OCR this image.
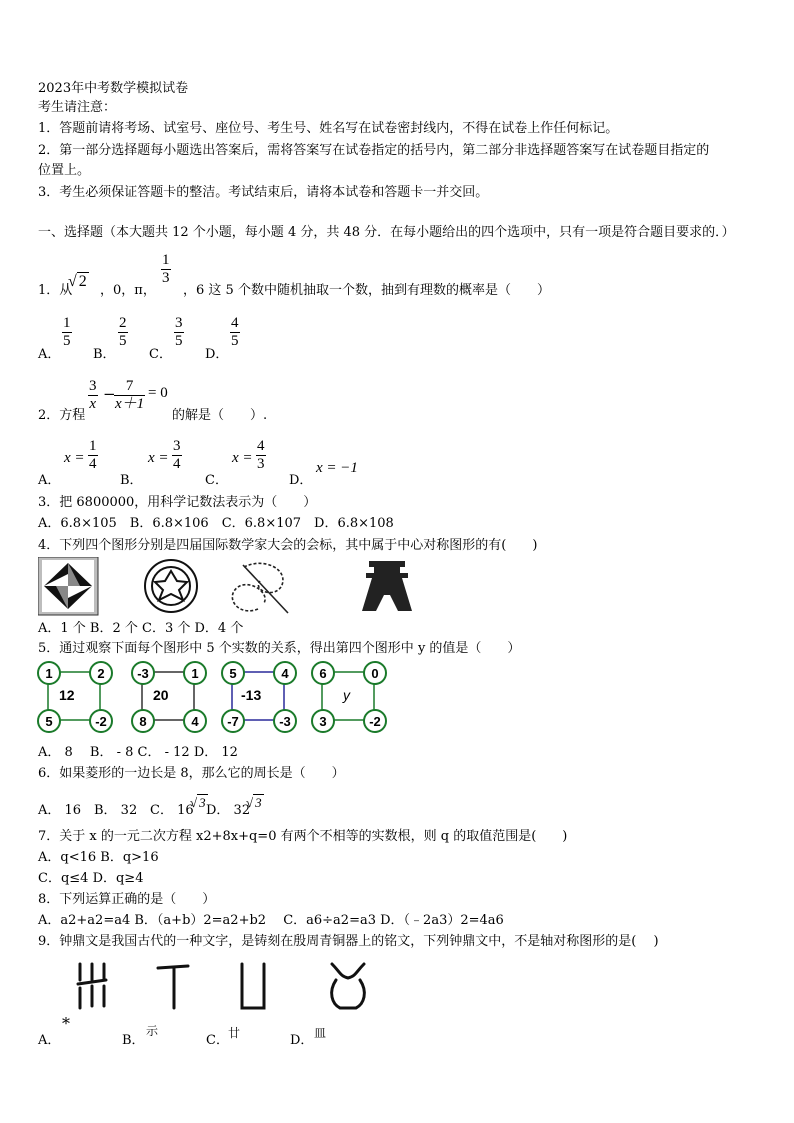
2023年中考数学模拟试卷
考生请注意：
1．答题前请将考场、试室号、座位号、考生号、姓名写在试卷密封线内，不得在试卷上作任何标记。
2．第一部分选择题每小题选出答案后，需将答案写在试卷指定的括号内，第二部分非选择题答案写在试卷题目指定的
位置上。
3．考生必须保证答题卡的整洁。考试结束后，请将本试卷和答题卡一并交回。
一、选择题（本大题共 12 个小题，每小题 4 分，共 48 分．在每小题给出的四个选项中，只有一项是符合题目要求的．）
1．从
√ 2
，0，π，
1
3
，6 这 5 个数中随机抽取一个数，抽到有理数的概率是（　　）
A．
1
5
B．
2
5
C．
3
5
D．
4
5
2．方程
3
x
− 7
x＋1
= 0
的解是（　　）.
A．
x =
1
4
B．
x =
3
4
C．
x =
4
3
D．
x = −1
3．把 6800000，用科学记数法表示为（　　）
A．6.8×105　B．6.8×106　C．6.8×107　D．6.8×108
4．下列四个图形分别是四届国际数学家大会的会标，其中属于中心对称图形的有(　　)
A．1 个 B．2 个 C．3 个 D．4 个
5．通过观察下面每个图形中 5 个实数的关系，得出第四个图形中 y 的值是（　　）
1	2
5	-2
12
-3	1
8	4
20
5	4
-7	-3
-13
6	0
3	-2
y
A． 8　 B． - 8 C． - 12 D． 12
6．如果菱形的一边长是 8，那么它的周长是（　　）
A． 16 B． 32 C． 16
√ 3
D． 32
√ 3
7．关于 x 的一元二次方程 x2+8x+q=0 有两个不相等的实数根，则 q 的取值范围是(　　)
A．q<16 B．q>16
C．q≤4 D．q≥4
8．下列运算正确的是（　　）
A．a2+a2=a4 B．（a+b）2=a2+b2　 C．a6÷a2=a3 D．（﹣2a3）2=4a6
9．钟鼎文是我国古代的一种文字，是铸刻在殷周青铜器上的铭文，下列钟鼎文中，不是轴对称图形的是(　 )
A．
*
B．
示
C． 廿	D． 皿
